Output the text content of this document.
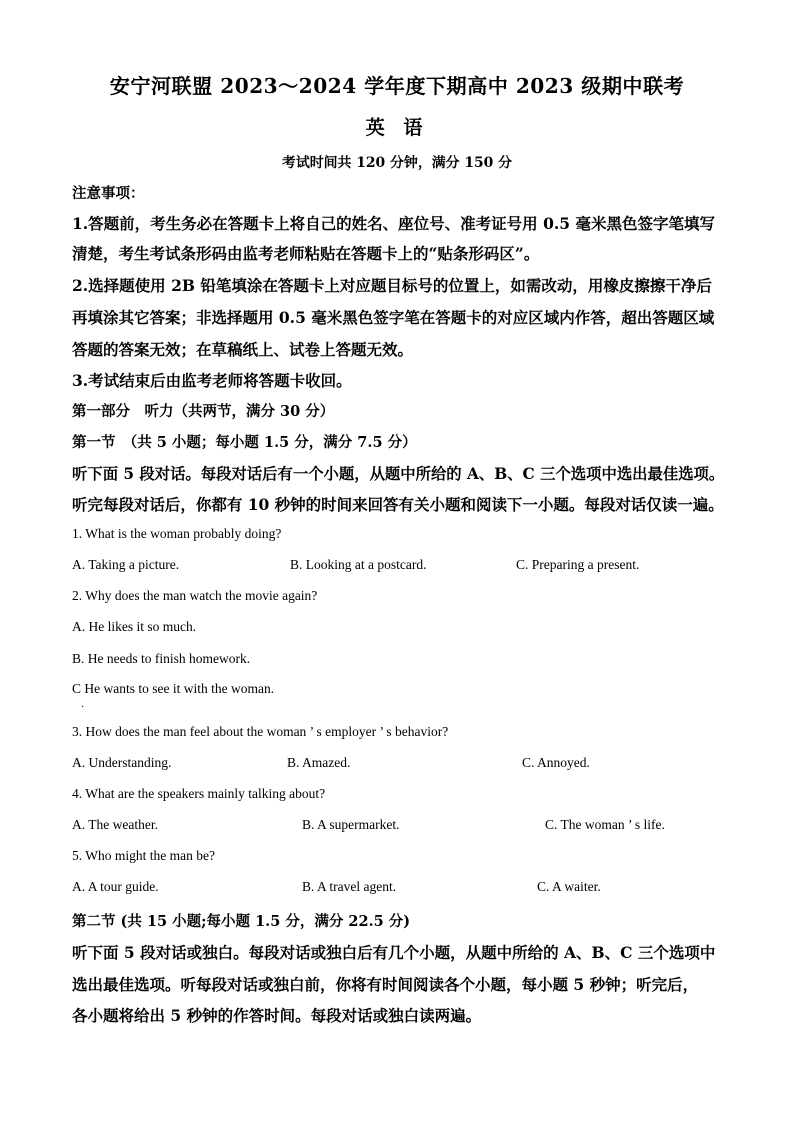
安宁河联盟 2023～2024 学年度下期高中 2023 级期中联考
英 语
考试时间共 120 分钟，满分 150 分
注意事项：
1.答题前，考生务必在答题卡上将自己的姓名、座位号、准考证号用 0.5 毫米黑色签字笔填写
清楚，考生考试条形码由监考老师粘贴在答题卡上的“贴条形码区”。
2.选择题使用 2B 铅笔填涂在答题卡上对应题目标号的位置上，如需改动，用橡皮擦擦干净后
再填涂其它答案；非选择题用 0.5 毫米黑色签字笔在答题卡的对应区域内作答，超出答题区域
答题的答案无效；在草稿纸上、试卷上答题无效。
3.考试结束后由监考老师将答题卡收回。
第一部分　听力（共两节，满分 30 分）
第一节　（共 5 小题；每小题 1.5 分，满分 7.5 分）
听下面 5 段对话。每段对话后有一个小题，从题中所给的 A、B、C 三个选项中选出最佳选项。
听完每段对话后，你都有 10 秒钟的时间来回答有关小题和阅读下一小题。每段对话仅读一遍。
1. What is the woman probably doing?
A. Taking a picture.	B. Looking at a postcard.	C. Preparing a present.
2. Why does the man watch the movie again?
A. He likes it so much.
B. He needs to finish homework.
C He wants to see it with the woman.
·
3. How does the man feel about the woman ’ s employer ’ s behavior?
A. Understanding.	B. Amazed.	C. Annoyed.
4. What are the speakers mainly talking about?
A. The weather.	B. A supermarket.	C. The woman ’ s life.
5. Who might the man be?
A. A tour guide.	B. A travel agent.	C. A waiter.
第二节 (共 15 小题;每小题 1.5 分，满分 22.5 分)
听下面 5 段对话或独白。每段对话或独白后有几个小题，从题中所给的 A、B、C 三个选项中
选出最佳选项。听每段对话或独白前，你将有时间阅读各个小题，每小题 5 秒钟；听完后，
各小题将给出 5 秒钟的作答时间。每段对话或独白读两遍。
